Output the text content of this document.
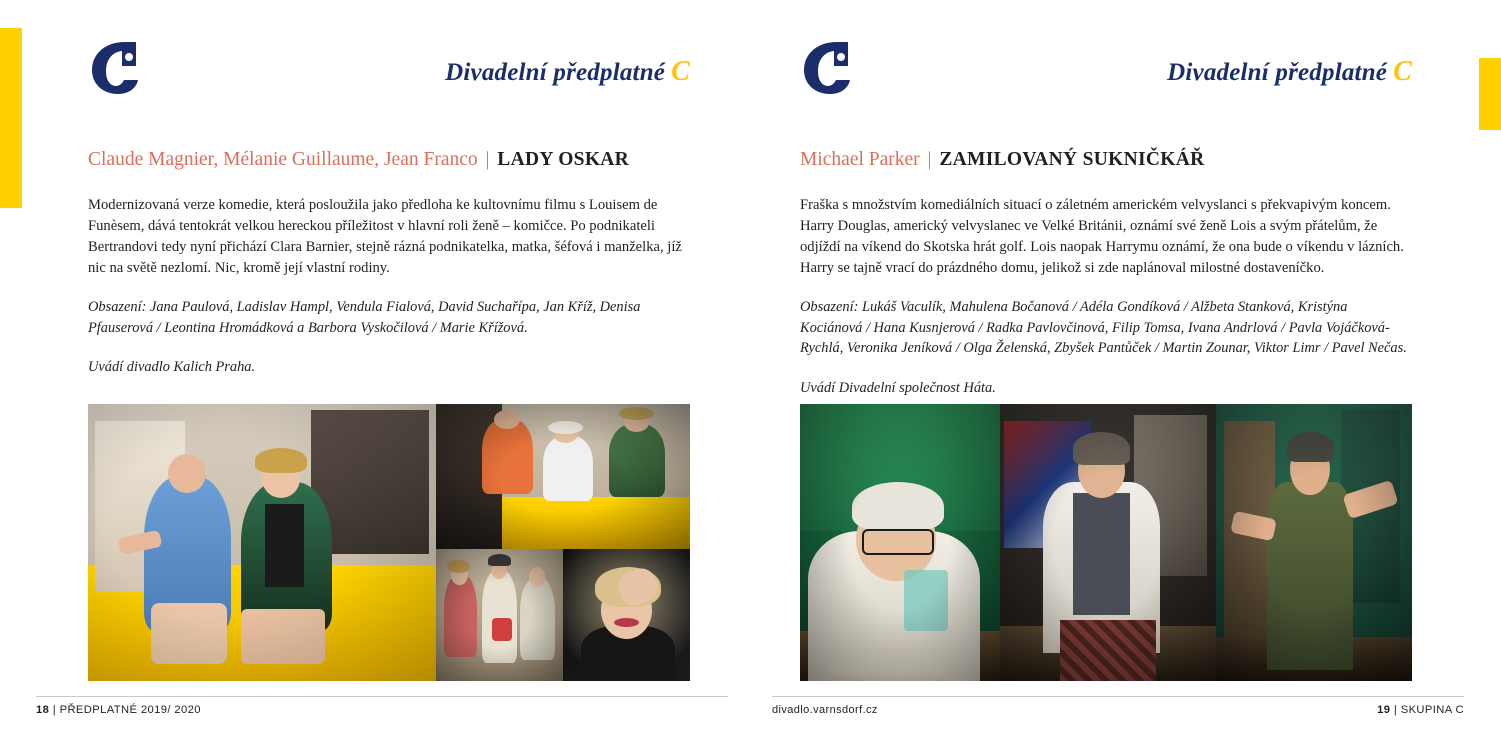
Divadelní předplatné C
Claude Magnier, Mélanie Guillaume, Jean Franco | LADY OSKAR
Modernizovaná verze komedie, která posloužila jako předloha ke kultovnímu filmu s Louisem de Funèsem, dává tentokrát velkou hereckou příležitost v hlavní roli ženě – komičce. Po podnikateli Bertrandovi tedy nyní přichází Clara Barnier, stejně rázná podnikatelka, matka, šéfová i manželka, jíž nic na světě nezlomí. Nic, kromě její vlastní rodiny.
Obsazení: Jana Paulová, Ladislav Hampl, Vendula Fialová, David Suchařípa, Jan Kříž, Denisa Pfauserová / Leontina Hromádková a Barbora Vyskočilová / Marie Křížová.
Uvádí divadlo Kalich Praha.
18 | PŘEDPLATNÉ 2019/ 2020
Divadelní předplatné C
Michael Parker | ZAMILOVANÝ SUKNIČKÁŘ
Fraška s množstvím komediálních situací o záletném americkém velvyslanci s překvapivým koncem. Harry Douglas, americký velvyslanec ve Velké Británii, oznámí své ženě Lois a svým přátelům, že odjíždí na víkend do Skotska hrát golf. Lois naopak Harrymu oznámí, že ona bude o víkendu v lázních. Harry se tajně vrací do prázdného domu, jelikož si zde naplánoval milostné dostaveníčko.
Obsazení: Lukáš Vaculík, Mahulena Bočanová / Adéla Gondíková / Alžbeta Stanková, Kristýna Kociánová / Hana Kusnjerová / Radka Pavlovčinová, Filip Tomsa, Ivana Andrlová / Pavla Vojáčková-Rychlá, Veronika Jeníková / Olga Želenská, Zbyšek Pantůček / Martin Zounar, Viktor Limr / Pavel Nečas.
Uvádí Divadelní společnost Háta.
divadlo.varnsdorf.cz	19 | SKUPINA C
